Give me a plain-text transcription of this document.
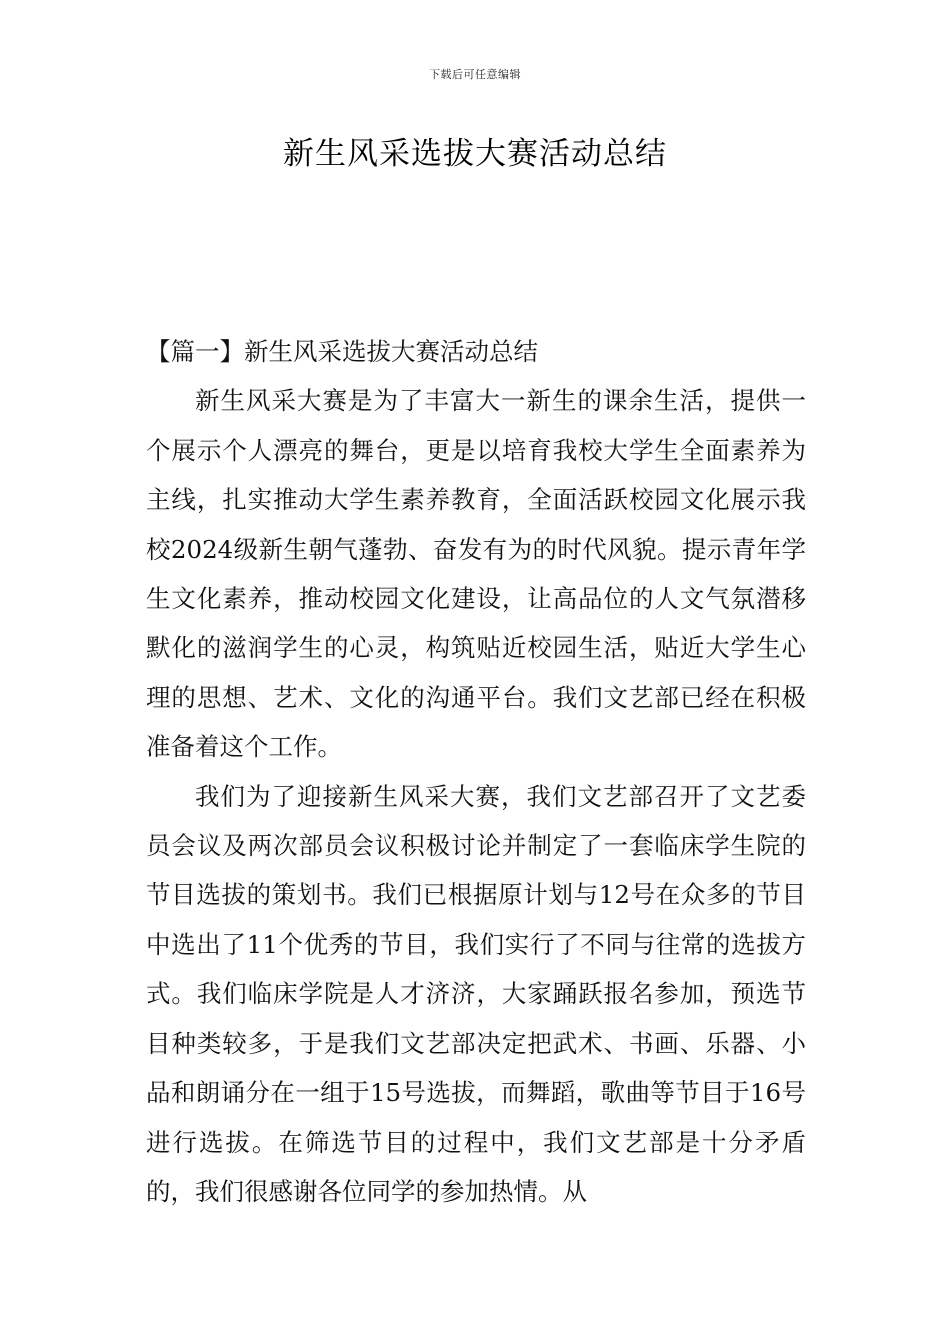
下载后可任意编辑
新生风采选拔大赛活动总结

【篇一】新生风采选拔大赛活动总结

新生风采大赛是为了丰富大一新生的课余生活，提供一个展示个人漂亮的舞台，更是以培育我校大学生全面素养为主线，扎实推动大学生素养教育，全面活跃校园文化展示我校2024级新生朝气蓬勃、奋发有为的时代风貌。提示青年学生文化素养，推动校园文化建设，让高品位的人文气氛潜移默化的滋润学生的心灵，构筑贴近校园生活，贴近大学生心理的思想、艺术、文化的沟通平台。我们文艺部已经在积极准备着这个工作。

我们为了迎接新生风采大赛，我们文艺部召开了文艺委员会议及两次部员会议积极讨论并制定了一套临床学生院的节目选拔的策划书。我们已根据原计划与12号在众多的节目中选出了11个优秀的节目，我们实行了不同与往常的选拔方式。我们临床学院是人才济济，大家踊跃报名参加，预选节目种类较多，于是我们文艺部决定把武术、书画、乐器、小品和朗诵分在一组于15号选拔，而舞蹈，歌曲等节目于16号进行选拔。在筛选节目的过程中，我们文艺部是十分矛盾的，我们很感谢各位同学的参加热情。从
